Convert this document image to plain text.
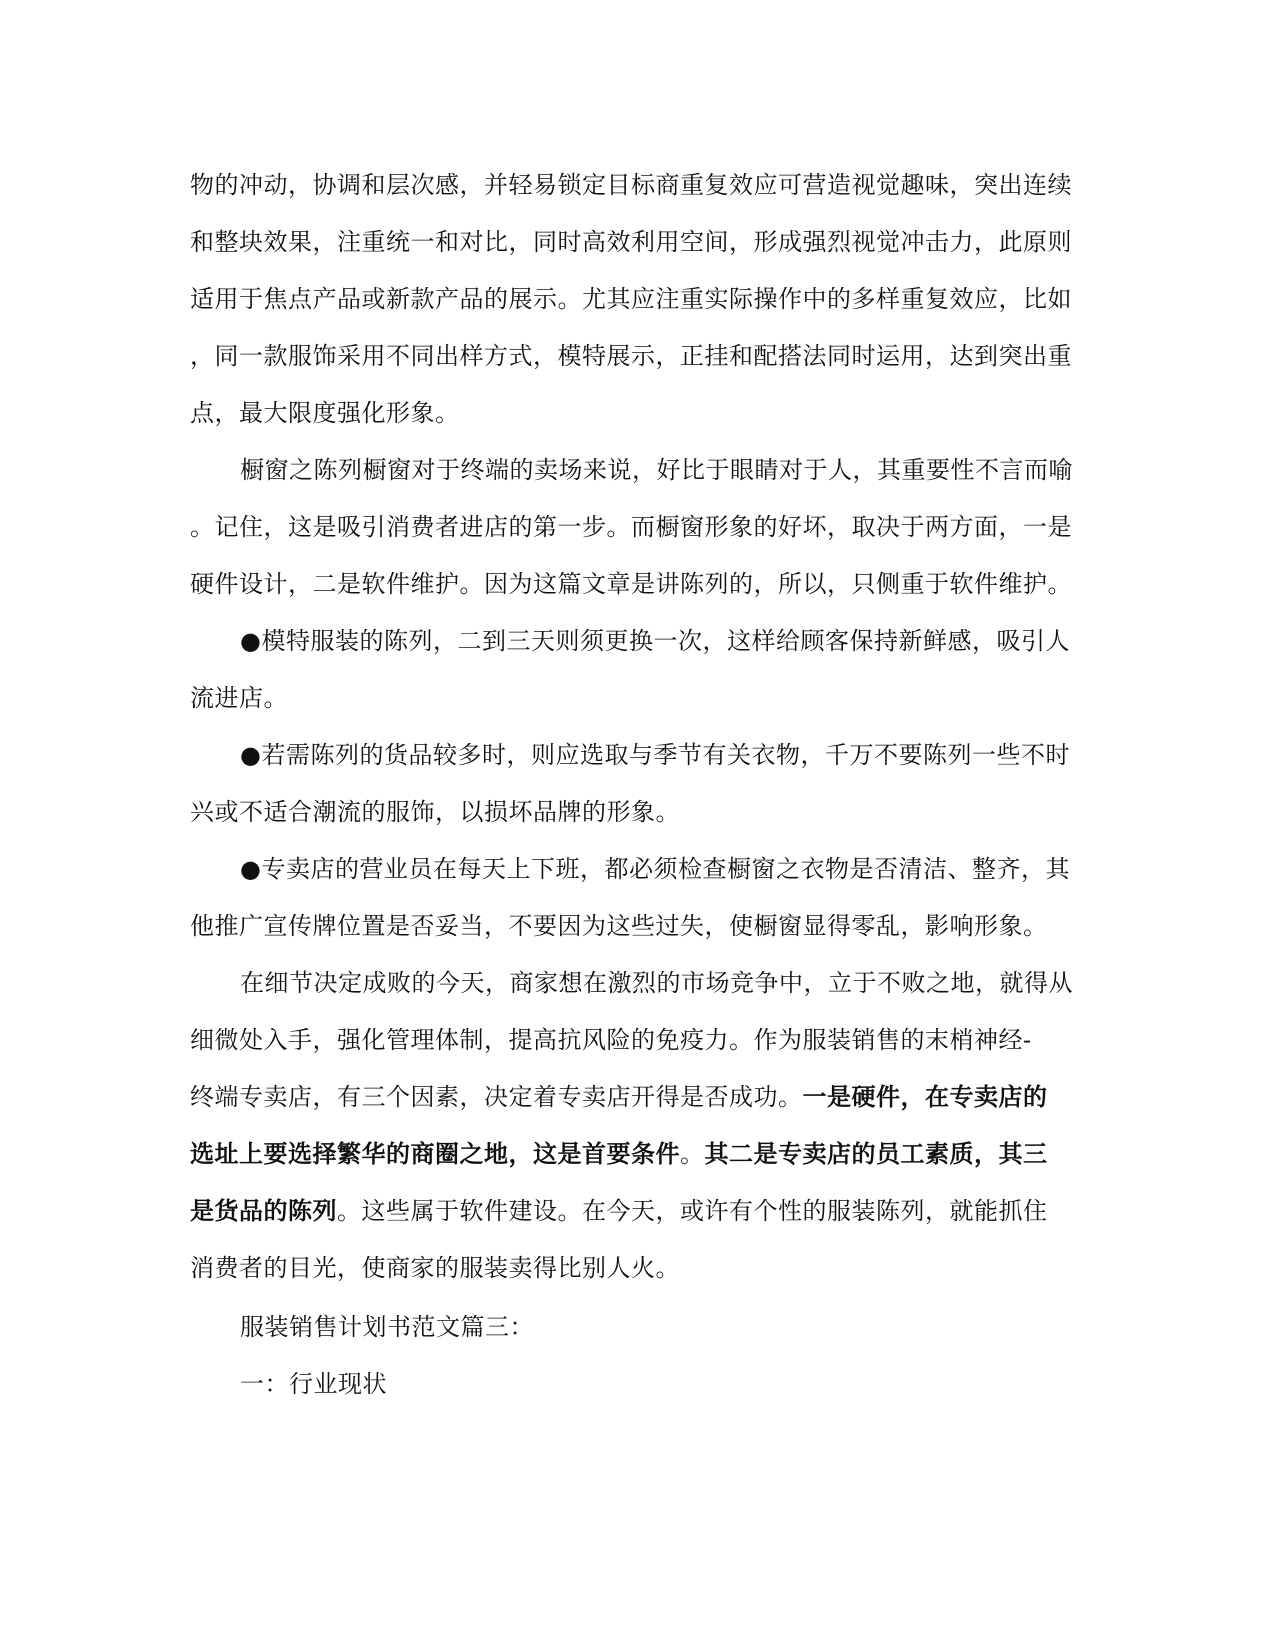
物的冲动，协调和层次感，并轻易锁定目标商重复效应可营造视觉趣味，突出连续
和整块效果，注重统一和对比，同时高效利用空间，形成强烈视觉冲击力，此原则
适用于焦点产品或新款产品的展示。尤其应注重实际操作中的多样重复效应，比如
，同一款服饰采用不同出样方式，模特展示，正挂和配搭法同时运用，达到突出重
点，最大限度强化形象。
橱窗之陈列橱窗对于终端的卖场来说，好比于眼睛对于人，其重要性不言而喻
。记住，这是吸引消费者进店的第一步。而橱窗形象的好坏，取决于两方面，一是
硬件设计，二是软件维护。因为这篇文章是讲陈列的，所以，只侧重于软件维护。
●模特服装的陈列，二到三天则须更换一次，这样给顾客保持新鲜感，吸引人
流进店。
●若需陈列的货品较多时，则应选取与季节有关衣物，千万不要陈列一些不时
兴或不适合潮流的服饰，以损坏品牌的形象。
●专卖店的营业员在每天上下班，都必须检查橱窗之衣物是否清洁、整齐，其
他推广宣传牌位置是否妥当，不要因为这些过失，使橱窗显得零乱，影响形象。
在细节决定成败的今天，商家想在激烈的市场竞争中，立于不败之地，就得从
细微处入手，强化管理体制，提高抗风险的免疫力。作为服装销售的末梢神经-
终端专卖店，有三个因素，决定着专卖店开得是否成功。一是硬件，在专卖店的
选址上要选择繁华的商圈之地，这是首要条件。其二是专卖店的员工素质，其三
是货品的陈列。这些属于软件建设。在今天，或许有个性的服装陈列，就能抓住
消费者的目光，使商家的服装卖得比别人火。
服装销售计划书范文篇三：
一：行业现状
